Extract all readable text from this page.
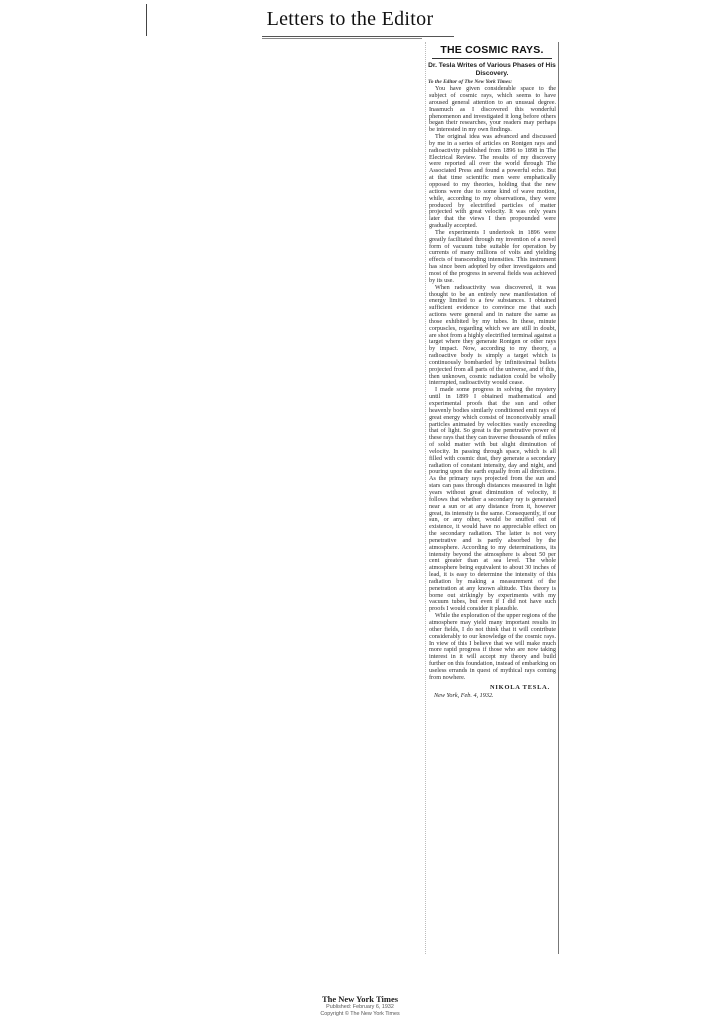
Letters to the Editor
THE COSMIC RAYS.
Dr. Tesla Writes of Various Phases of His Discovery.
To the Editor of The New York Times:

You have given considerable space to the subject of cosmic rays, which seems to have aroused general attention to an unusual degree. Inasmuch as I discovered this wonderful phenomenon and investigated it long before others began their researches, your readers may perhaps be interested in my own findings.

The original idea was advanced and discussed by me in a series of articles on Rontgen rays and radioactivity published from 1896 to 1898 in The Electrical Review. The results of my discovery were reported all over the world through The Associated Press and found a powerful echo. But at that time scientific men were emphatically opposed to my theories, holding that the new actions were due to some kind of wave motion, while, according to my observations, they were produced by electrified particles of matter projected with great velocity. It was only years later that the views I then propounded were gradually accepted.

The experiments I undertook in 1896 were greatly facilitated through my invention of a novel form of vacuum tube suitable for operation by currents of many millions of volts and yielding effects of transcending intensities. This instrument has since been adopted by other investigators and most of the progress in several fields was achieved by its use.

When radioactivity was discovered, it was thought to be an entirely new manifestation of energy limited to a few substances. I obtained sufficient evidence to convince me that such actions were general and in nature the same as those exhibited by my tubes. In these, minute corpuscles, regarding which we are still in doubt, are shot from a highly electrified terminal against a target where they generate Rontgen or other rays by impact. Now, according to my theory, a radioactive body is simply a target which is continuously bombarded by infinitesimal bullets projected from all parts of the universe, and if this, then unknown, cosmic radiation could be wholly interrupted, radioactivity would cease.

I made some progress in solving the mystery until in 1899 I obtained mathematical and experimental proofs that the sun and other heavenly bodies similarly conditioned emit rays of great energy which consist of inconceivably small particles animated by velocities vastly exceeding that of light. So great is the penetrative power of these rays that they can traverse thousands of miles of solid matter with but slight diminution of velocity. In passing through space, which is all filled with cosmic dust, they generate a secondary radiation of constant intensity, day and night, and pouring upon the earth equally from all directions. As the primary rays projected from the sun and stars can pass through distances measured in light years without great diminution of velocity, it follows that whether a secondary ray is generated near a sun or at any distance from it, however great, its intensity is the same. Consequently, if our sun, or any other, would be snuffed out of existence, it would have no appreciable effect on the secondary radiation. The latter is not very penetrative and is partly absorbed by the atmosphere. According to my determinations, its intensity beyond the atmosphere is about 50 per cent greater than at sea level. The whole atmosphere being equivalent to about 30 inches of lead, it is easy to determine the intensity of this radiation by making a measurement of the penetration at any known altitude. This theory is borne out strikingly by experiments with my vacuum tubes, but even if I did not have such proofs I would consider it plausible.

While the exploration of the upper regions of the atmosphere may yield many important results in other fields, I do not think that it will contribute considerably to our knowledge of the cosmic rays. In view of this I believe that we will make much more rapid progress if those who are now taking interest in it will accept my theory and build further on this foundation, instead of embarking on useless errands in quest of mythical rays coming from nowhere.

NIKOLA TESLA.
New York, Feb. 4, 1932.
The New York Times
Published: February 6, 1932
Copyright © The New York Times
